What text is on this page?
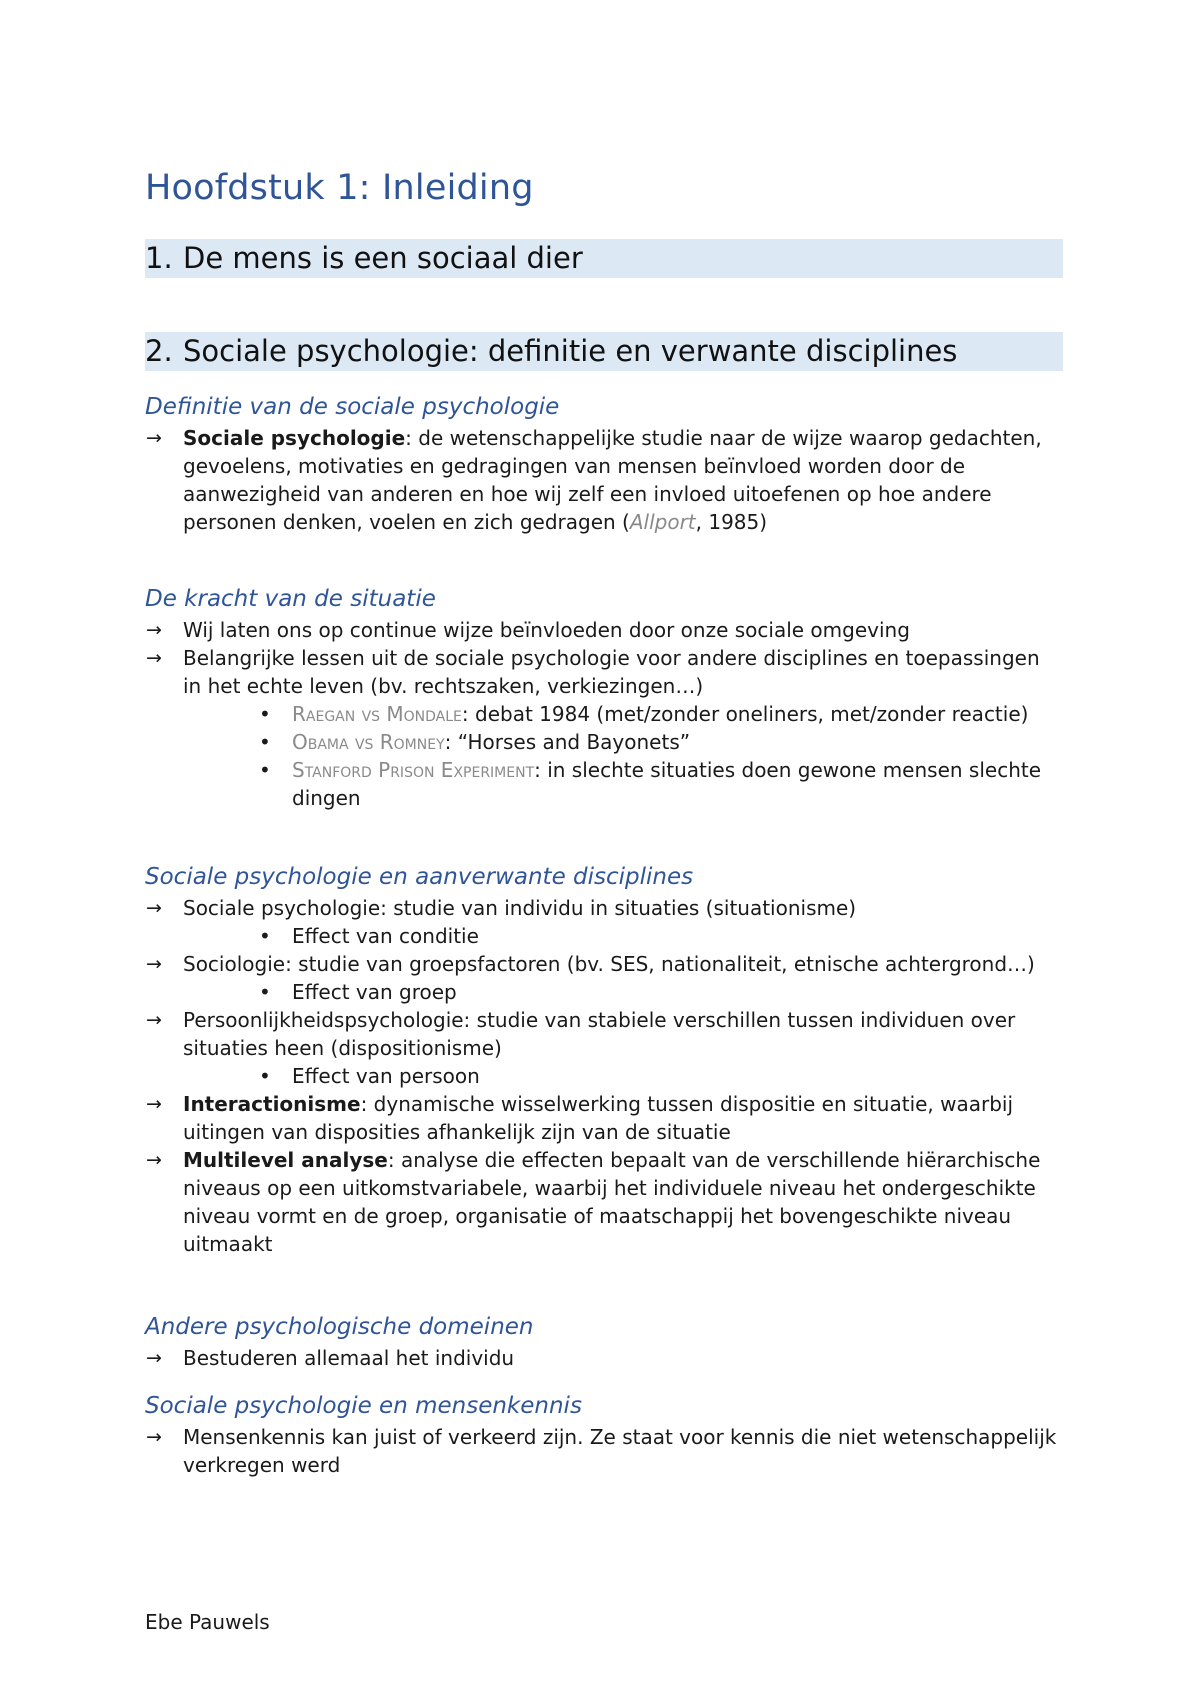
Hoofdstuk 1: Inleiding
1. De mens is een sociaal dier
2. Sociale psychologie: definitie en verwante disciplines
Definitie van de sociale psychologie
→	Sociale psychologie: de wetenschappelijke studie naar de wijze waarop gedachten, gevoelens, motivaties en gedragingen van mensen beïnvloed worden door de aanwezigheid van anderen en hoe wij zelf een invloed uitoefenen op hoe andere personen denken, voelen en zich gedragen (Allport, 1985)
De kracht van de situatie
→	Wij laten ons op continue wijze beïnvloeden door onze sociale omgeving
→	Belangrijke lessen uit de sociale psychologie voor andere disciplines en toepassingen in het echte leven (bv. rechtszaken, verkiezingen…)
• Raegan vs Mondale: debat 1984 (met/zonder oneliners, met/zonder reactie)
• Obama vs Romney: “Horses and Bayonets”
• Stanford Prison Experiment: in slechte situaties doen gewone mensen slechte dingen
Sociale psychologie en aanverwante disciplines
→	Sociale psychologie: studie van individu in situaties (situationisme)
• Effect van conditie
→	Sociologie: studie van groepsfactoren (bv. SES, nationaliteit, etnische achtergrond…)
• Effect van groep
→	Persoonlijkheidspsychologie: studie van stabiele verschillen tussen individuen over situaties heen (dispositionisme)
• Effect van persoon
→	Interactionisme: dynamische wisselwerking tussen dispositie en situatie, waarbij uitingen van disposities afhankelijk zijn van de situatie
→	Multilevel analyse: analyse die effecten bepaalt van de verschillende hiërarchische niveaus op een uitkomstvariabele, waarbij het individuele niveau het ondergeschikte niveau vormt en de groep, organisatie of maatschappij het bovengeschikte niveau uitmaakt
Andere psychologische domeinen
→	Bestuderen allemaal het individu
Sociale psychologie en mensenkennis
→	Mensenkennis kan juist of verkeerd zijn. Ze staat voor kennis die niet wetenschappelijk verkregen werd
Ebe Pauwels
